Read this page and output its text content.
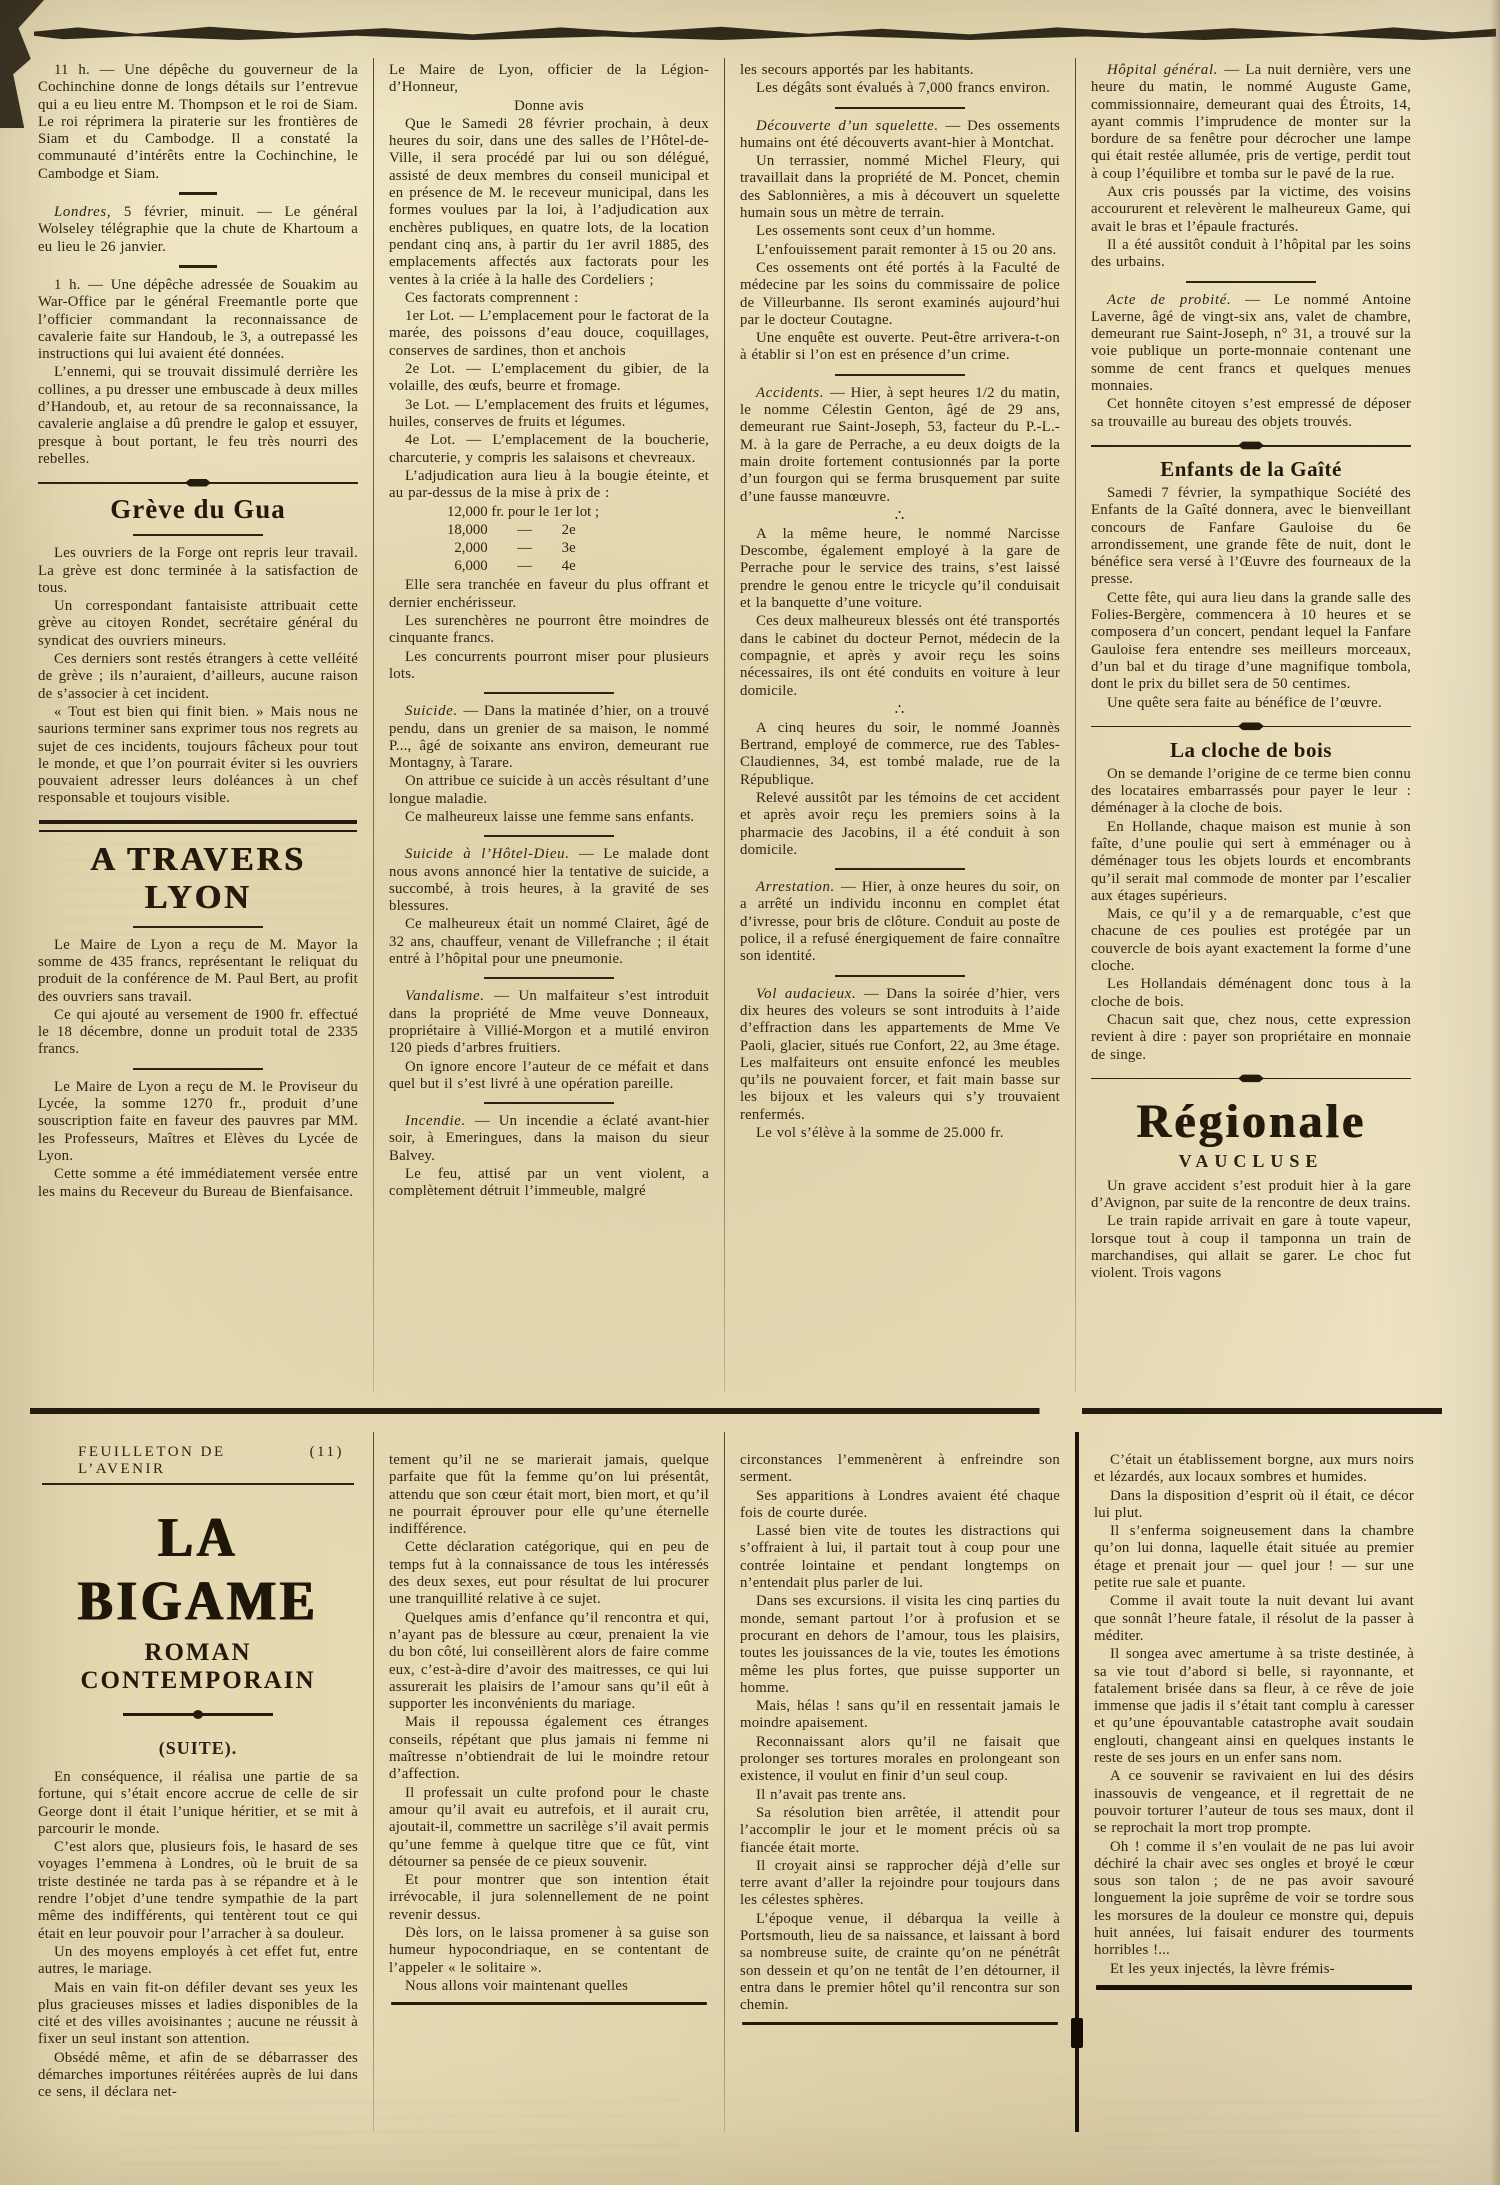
11 h. — Une dépêche du gouverneur de la Cochinchine donne de longs détails sur l’entrevue qui a eu lieu entre M. Thompson et le roi de Siam. Le roi réprimera la piraterie sur les frontières de Siam et du Cambodge. Il a constaté la communauté d’intérêts entre la Cochinchine, le Cambodge et Siam.

Londres, 5 février, minuit. — Le général Wolseley télégraphie que la chute de Khartoum a eu lieu le 26 janvier.

1 h. — Une dépêche adressée de Souakim au War-Office par le général Freemantle porte que l’officier commandant la reconnaissance de cavalerie faite sur Handoub, le 3, a outrepassé les instructions qui lui avaient été données.

L’ennemi, qui se trouvait dissimulé derrière les collines, a pu dresser une embuscade à deux milles d’Handoub, et, au retour de sa reconnaissance, la cavalerie anglaise a dû prendre le galop et essuyer, presque à bout portant, le feu très nourri des rebelles.

Grève du Gua

Les ouvriers de la Forge ont repris leur travail. La grève est donc terminée à la satisfaction de tous.

Un correspondant fantaisiste attribuait cette grève au citoyen Rondet, secrétaire général du syndicat des ouvriers mineurs.

Ces derniers sont restés étrangers à cette velléité de grève ; ils n’auraient, d’ailleurs, aucune raison de s’associer à cet incident.

« Tout est bien qui finit bien. » Mais nous ne saurions terminer sans exprimer tous nos regrets au sujet de ces incidents, toujours fâcheux pour tout le monde, et que l’on pourrait éviter si les ouvriers pouvaient adresser leurs doléances à un chef responsable et toujours visible.

A TRAVERS LYON

Le Maire de Lyon a reçu de M. Mayor la somme de 435 francs, représentant le reliquat du produit de la conférence de M. Paul Bert, au profit des ouvriers sans travail.

Ce qui ajouté au versement de 1900 fr. effectué le 18 décembre, donne un produit total de 2335 francs.

Le Maire de Lyon a reçu de M. le Proviseur du Lycée, la somme 1270 fr., produit d’une souscription faite en faveur des pauvres par MM. les Professeurs, Maîtres et Elèves du Lycée de Lyon.

Cette somme a été immédiatement versée entre les mains du Receveur du Bureau de Bienfaisance.

Le Maire de Lyon, officier de la Légion-d’Honneur,

Donne avis

Que le Samedi 28 février prochain, à deux heures du soir, dans une des salles de l’Hôtel-de-Ville, il sera procédé par lui ou son délégué, assisté de deux membres du conseil municipal et en présence de M. le receveur municipal, dans les formes voulues par la loi, à l’adjudication aux enchères publiques, en quatre lots, de la location pendant cinq ans, à partir du 1er avril 1885, des emplacements affectés aux factorats pour les ventes à la criée à la halle des Cordeliers ;

Ces factorats comprennent :

1er Lot. — L’emplacement pour le factorat de la marée, des poissons d’eau douce, coquillages, conserves de sardines, thon et anchois

2e Lot. — L’emplacement du gibier, de la volaille, des œufs, beurre et fromage.

3e Lot. — L’emplacement des fruits et légumes, huiles, conserves de fruits et légumes.

4e Lot. — L’emplacement de la boucherie, charcuterie, y compris les salaisons et chevreaux.

L’adjudication aura lieu à la bougie éteinte, et au par-dessus de la mise à prix de :

12,000 fr. pour le 1er lot ;
18,000        —        2e
2,000        —        3e
6,000        —        4e

Elle sera tranchée en faveur du plus offrant et dernier enchérisseur.

Les surenchères ne pourront être moindres de cinquante francs.

Les concurrents pourront miser pour plusieurs lots.

Suicide. — Dans la matinée d’hier, on a trouvé pendu, dans un grenier de sa maison, le nommé P..., âgé de soixante ans environ, demeurant rue Montagny, à Tarare.

On attribue ce suicide à un accès résultant d’une longue maladie.

Ce malheureux laisse une femme sans enfants.

Suicide à l’Hôtel-Dieu. — Le malade dont nous avons annoncé hier la tentative de suicide, a succombé, à trois heures, à la gravité de ses blessures.

Ce malheureux était un nommé Clairet, âgé de 32 ans, chauffeur, venant de Villefranche ; il était entré à l’hôpital pour une pneumonie.

Vandalisme. — Un malfaiteur s’est introduit dans la propriété de Mme veuve Donneaux, propriétaire à Villié-Morgon et a mutilé environ 120 pieds d’arbres fruitiers.

On ignore encore l’auteur de ce méfait et dans quel but il s’est livré à une opération pareille.

Incendie. — Un incendie a éclaté avant-hier soir, à Emeringues, dans la maison du sieur Balvey.

Le feu, attisé par un vent violent, a complètement détruit l’immeuble, malgré

les secours apportés par les habitants.

Les dégâts sont évalués à 7,000 francs environ.

Découverte d’un squelette. — Des ossements humains ont été découverts avant-hier à Montchat.

Un terrassier, nommé Michel Fleury, qui travaillait dans la propriété de M. Poncet, chemin des Sablonnières, a mis à découvert un squelette humain sous un mètre de terrain.

Les ossements sont ceux d’un homme.

L’enfouissement parait remonter à 15 ou 20 ans.

Ces ossements ont été portés à la Faculté de médecine par les soins du commissaire de police de Villeurbanne. Ils seront examinés aujourd’hui par le docteur Coutagne.

Une enquête est ouverte. Peut-être arrivera-t-on à établir si l’on est en présence d’un crime.

Accidents. — Hier, à sept heures 1/2 du matin, le nomme Célestin Genton, âgé de 29 ans, demeurant rue Saint-Joseph, 53, facteur du P.-L.-M. à la gare de Perrache, a eu deux doigts de la main droite fortement contusionnés par la porte d’un fourgon qui se ferma brusquement par suite d’une fausse manœuvre.

∴

A la même heure, le nommé Narcisse Descombe, également employé à la gare de Perrache pour le service des trains, s’est laissé prendre le genou entre le tricycle qu’il conduisait et la banquette d’une voiture.

Ces deux malheureux blessés ont été transportés dans le cabinet du docteur Pernot, médecin de la compagnie, et après y avoir reçu les soins nécessaires, ils ont été conduits en voiture à leur domicile.

∴

A cinq heures du soir, le nommé Joannès Bertrand, employé de commerce, rue des Tables-Claudiennes, 34, est tombé malade, rue de la République.

Relevé aussitôt par les témoins de cet accident et après avoir reçu les premiers soins à la pharmacie des Jacobins, il a été conduit à son domicile.

Arrestation. — Hier, à onze heures du soir, on a arrêté un individu inconnu en complet état d’ivresse, pour bris de clôture. Conduit au poste de police, il a refusé énergiquement de faire connaître son identité.

Vol audacieux. — Dans la soirée d’hier, vers dix heures des voleurs se sont introduits à l’aide d’effraction dans les appartements de Mme Ve Paoli, glacier, situés rue Confort, 22, au 3me étage. Les malfaiteurs ont ensuite enfoncé les meubles qu’ils ne pouvaient forcer, et fait main basse sur les bijoux et les valeurs qui s’y trouvaient renfermés.

Le vol s’élève à la somme de 25.000 fr.

Hôpital général. — La nuit dernière, vers une heure du matin, le nommé Auguste Game, commissionnaire, demeurant quai des Étroits, 14, ayant commis l’imprudence de monter sur la bordure de sa fenêtre pour décrocher une lampe qui était restée allumée, pris de vertige, perdit tout à coup l’équilibre et tomba sur le pavé de la rue.

Aux cris poussés par la victime, des voisins accoururent et relevèrent le malheureux Game, qui avait le bras et l’épaule fracturés.

Il a été aussitôt conduit à l’hôpital par les soins des urbains.

Acte de probité. — Le nommé Antoine Laverne, âgé de vingt-six ans, valet de chambre, demeurant rue Saint-Joseph, n° 31, a trouvé sur la voie publique un porte-monnaie contenant une somme de cent francs et quelques menues monnaies.

Cet honnête citoyen s’est empressé de déposer sa trouvaille au bureau des objets trouvés.

Enfants de la Gaîté

Samedi 7 février, la sympathique Société des Enfants de la Gaîté donnera, avec le bienveillant concours de Fanfare Gauloise du 6e arrondissement, une grande fête de nuit, dont le bénéfice sera versé à l’Œuvre des fourneaux de la presse.

Cette fête, qui aura lieu dans la grande salle des Folies-Bergère, commencera à 10 heures et se composera d’un concert, pendant lequel la Fanfare Gauloise fera entendre ses meilleurs morceaux, d’un bal et du tirage d’une magnifique tombola, dont le prix du billet sera de 50 centimes.

Une quête sera faite au bénéfice de l’œuvre.

La cloche de bois

On se demande l’origine de ce terme bien connu des locataires embarrassés pour payer le leur : déménager à la cloche de bois.

En Hollande, chaque maison est munie à son faîte, d’une poulie qui sert à emménager ou à déménager tous les objets lourds et encombrants qu’il serait mal commode de monter par l’escalier aux étages supérieurs.

Mais, ce qu’il y a de remarquable, c’est que chacune de ces poulies est protégée par un couvercle de bois ayant exactement la forme d’une cloche.

Les Hollandais déménagent donc tous à la cloche de bois.

Chacun sait que, chez nous, cette expression revient à dire : payer son propriétaire en monnaie de singe.

Régionale
VAUCLUSE

Un grave accident s’est produit hier à la gare d’Avignon, par suite de la rencontre de deux trains.

Le train rapide arrivait en gare à toute vapeur, lorsque tout à coup il tamponna un train de marchandises, qui allait se garer. Le choc fut violent. Trois vagons

FEUILLETON DE L’AVENIR
(11)
LA BIGAME
ROMAN CONTEMPORAIN
(SUITE).

En conséquence, il réalisa une partie de sa fortune, qui s’était encore accrue de celle de sir George dont il était l’unique héritier, et se mit à parcourir le monde.

C’est alors que, plusieurs fois, le hasard de ses voyages l’emmena à Londres, où le bruit de sa triste destinée ne tarda pas à se répandre et à le rendre l’objet d’une tendre sympathie de la part même des indifférents, qui tentèrent tout ce qui était en leur pouvoir pour l’arracher à sa douleur.

Un des moyens employés à cet effet fut, entre autres, le mariage.

Mais en vain fit-on défiler devant ses yeux les plus gracieuses misses et ladies disponibles de la cité et des villes avoisinantes ; aucune ne réussit à fixer un seul instant son attention.

Obsédé même, et afin de se débarrasser des démarches importunes réitérées auprès de lui dans ce sens, il déclara net-

tement qu’il ne se marierait jamais, quelque parfaite que fût la femme qu’on lui présentât, attendu que son cœur était mort, bien mort, et qu’il ne pourrait éprouver pour elle qu’une éternelle indifférence.

Cette déclaration catégorique, qui en peu de temps fut à la connaissance de tous les intéressés des deux sexes, eut pour résultat de lui procurer une tranquillité relative à ce sujet.

Quelques amis d’enfance qu’il rencontra et qui, n’ayant pas de blessure au cœur, prenaient la vie du bon côté, lui conseillèrent alors de faire comme eux, c’est-à-dire d’avoir des maitresses, ce qui lui assurerait les plaisirs de l’amour sans qu’il eût à supporter les inconvénients du mariage.

Mais il repoussa également ces étranges conseils, répétant que plus jamais ni femme ni maîtresse n’obtiendrait de lui le moindre retour d’affection.

Il professait un culte profond pour le chaste amour qu’il avait eu autrefois, et il aurait cru, ajoutait-il, commettre un sacrilège s’il avait permis qu’une femme à quelque titre que ce fût, vint détourner sa pensée de ce pieux souvenir.

Et pour montrer que son intention était irrévocable, il jura solennellement de ne point revenir dessus.

Dès lors, on le laissa promener à sa guise son humeur hypocondriaque, en se contentant de l’appeler « le solitaire ».

Nous allons voir maintenant quelles

circonstances l’emmenèrent à enfreindre son serment.

Ses apparitions à Londres avaient été chaque fois de courte durée.

Lassé bien vite de toutes les distractions qui s’offraient à lui, il partait tout à coup pour une contrée lointaine et pendant longtemps on n’entendait plus parler de lui.

Dans ses excursions. il visita les cinq parties du monde, semant partout l’or à profusion et se procurant en dehors de l’amour, tous les plaisirs, toutes les jouissances de la vie, toutes les émotions même les plus fortes, que puisse supporter un homme.

Mais, hélas ! sans qu’il en ressentait jamais le moindre apaisement.

Reconnaissant alors qu’il ne faisait que prolonger ses tortures morales en prolongeant son existence, il voulut en finir d’un seul coup.

Il n’avait pas trente ans.

Sa résolution bien arrêtée, il attendit pour l’accomplir le jour et le moment précis où sa fiancée était morte.

Il croyait ainsi se rapprocher déjà d’elle sur terre avant d’aller la rejoindre pour toujours dans les célestes sphères.

L’époque venue, il débarqua la veille à Portsmouth, lieu de sa naissance, et laissant à bord sa nombreuse suite, de crainte qu’on ne pénétrât son dessein et qu’on ne tentât de l’en détourner, il entra dans le premier hôtel qu’il rencontra sur son chemin.

C’était un établissement borgne, aux murs noirs et lézardés, aux locaux sombres et humides.

Dans la disposition d’esprit où il était, ce décor lui plut.

Il s’enferma soigneusement dans la chambre qu’on lui donna, laquelle était située au premier étage et prenait jour — quel jour ! — sur une petite rue sale et puante.

Comme il avait toute la nuit devant lui avant que sonnât l’heure fatale, il résolut de la passer à méditer.

Il songea avec amertume à sa triste destinée, à sa vie tout d’abord si belle, si rayonnante, et fatalement brisée dans sa fleur, à ce rêve de joie immense que jadis il s’était tant complu à caresser et qu’une épouvantable catastrophe avait soudain englouti, changeant ainsi en quelques instants le reste de ses jours en un enfer sans nom.

A ce souvenir se ravivaient en lui des désirs inassouvis de vengeance, et il regrettait de ne pouvoir torturer l’auteur de tous ses maux, dont il se reprochait la mort trop prompte.

Oh ! comme il s’en voulait de ne pas lui avoir déchiré la chair avec ses ongles et broyé le cœur sous son talon ; de ne pas avoir savouré longuement la joie suprême de voir se tordre sous les morsures de la douleur ce monstre qui, depuis huit années, lui faisait endurer des tourments horribles !...

Et les yeux injectés, la lèvre frémis-
